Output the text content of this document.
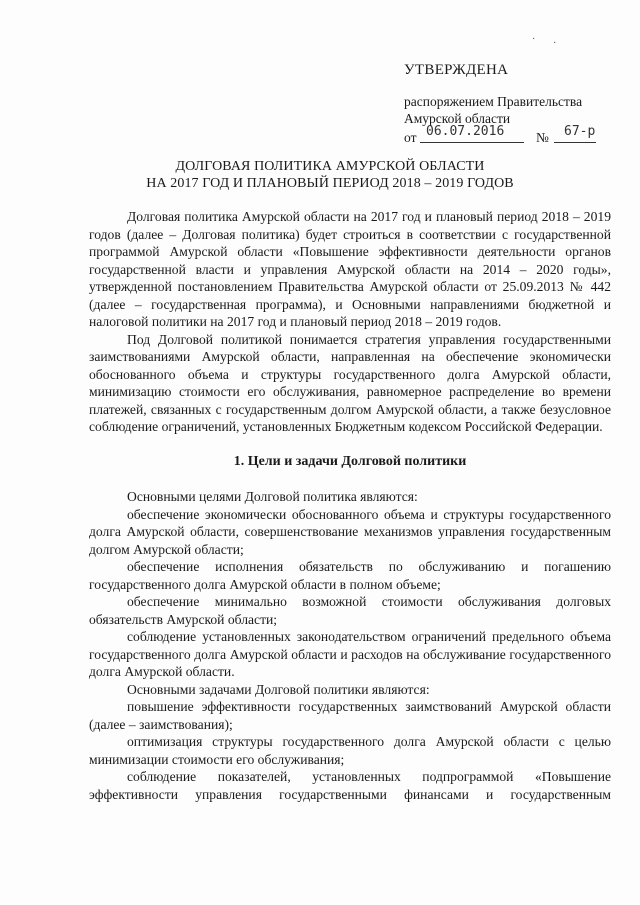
·
·
УТВЕРЖДЕНА
распоряжением Правительства
Амурской области
от 06.07.2016 № 67-р
ДОЛГОВАЯ ПОЛИТИКА АМУРСКОЙ ОБЛАСТИ
НА 2017 ГОД И ПЛАНОВЫЙ ПЕРИОД 2018 – 2019 ГОДОВ

Долговая политика Амурской области на 2017 год и плановый период 2018 – 2019 годов (далее – Долговая политика) будет строиться в соответствии с государственной программой Амурской области «Повышение эффективности деятельности органов государственной власти и управления Амурской области на 2014 – 2020 годы», утвержденной постановлением Правительства Амурской области от 25.09.2013 № 442 (далее – государственная программа), и Основными направлениями бюджетной и налоговой политики на 2017 год и плановый период 2018 – 2019 годов.

Под Долговой политикой понимается стратегия управления государственными заимствованиями Амурской области, направленная на обеспечение экономически обоснованного объема и структуры государственного долга Амурской области, минимизацию стоимости его обслуживания, равномерное распределение во времени платежей, связанных с государственным долгом Амурской области, а также безусловное соблюдение ограничений, установленных Бюджетным кодексом Российской Федерации.

1. Цели и задачи Долговой политики

Основными целями Долговой политика являются:

обеспечение экономически обоснованного объема и структуры государственного долга Амурской области, совершенствование механизмов управления государственным долгом Амурской области;

обеспечение исполнения обязательств по обслуживанию и погашению государственного долга Амурской области в полном объеме;

обеспечение минимально возможной стоимости обслуживания долговых обязательств Амурской области;

соблюдение установленных законодательством ограничений предельного объема государственного долга Амурской области и расходов на обслуживание государственного долга Амурской области.

Основными задачами Долговой политики являются:

повышение эффективности государственных заимствований Амурской области (далее – заимствования);

оптимизация структуры государственного долга Амурской области с целью минимизации стоимости его обслуживания;

соблюдение показателей, установленных подпрограммой «Повышение эффективности управления государственными финансами и государственным
